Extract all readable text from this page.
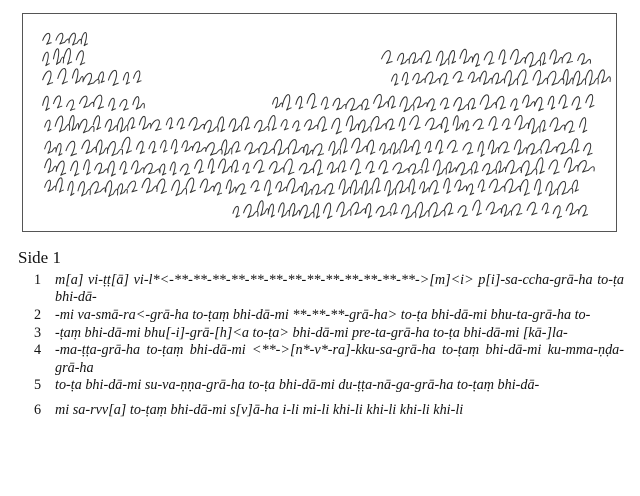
Side 1
1 m[a] vi-ṭṭ[ā] vi-l*<-**-**-**-**-**-**-**-**-**-**-**-**-**->[m]<i> p[i]-sa-ccha-grā-ha to-ṭa bhi-dā-
2 -mi va-smā-ra<-grā-ha to-ṭaṃ bhi-dā-mi **-**-**-grā-ha> to-ṭa bhi-dā-mi bhu-ta-grā-ha to-
3 -ṭaṃ bhi-dā-mi bhu[-i]-grā-[h]<a to-ṭa> bhi-dā-mi pre-ta-grā-ha to-ṭa bhi-dā-mi [kā-]la-
4 -ma-ṭṭa-grā-ha to-ṭaṃ bhi-dā-mi <**->[n*-v*-ra]-kku-sa-grā-ha to-ṭaṃ bhi-dā-mi ku-mma-ṇḍa-grā-ha
5 to-ṭa bhi-dā-mi su-va-ṇṇa-grā-ha to-ṭa bhi-dā-mi du-ṭṭa-nā-ga-grā-ha to-ṭaṃ bhi-dā-
6 mi sa-rvv[a] to-ṭaṃ bhi-dā-mi s[v]ā-ha i-li mi-li khi-li khi-li khi-li khi-li
